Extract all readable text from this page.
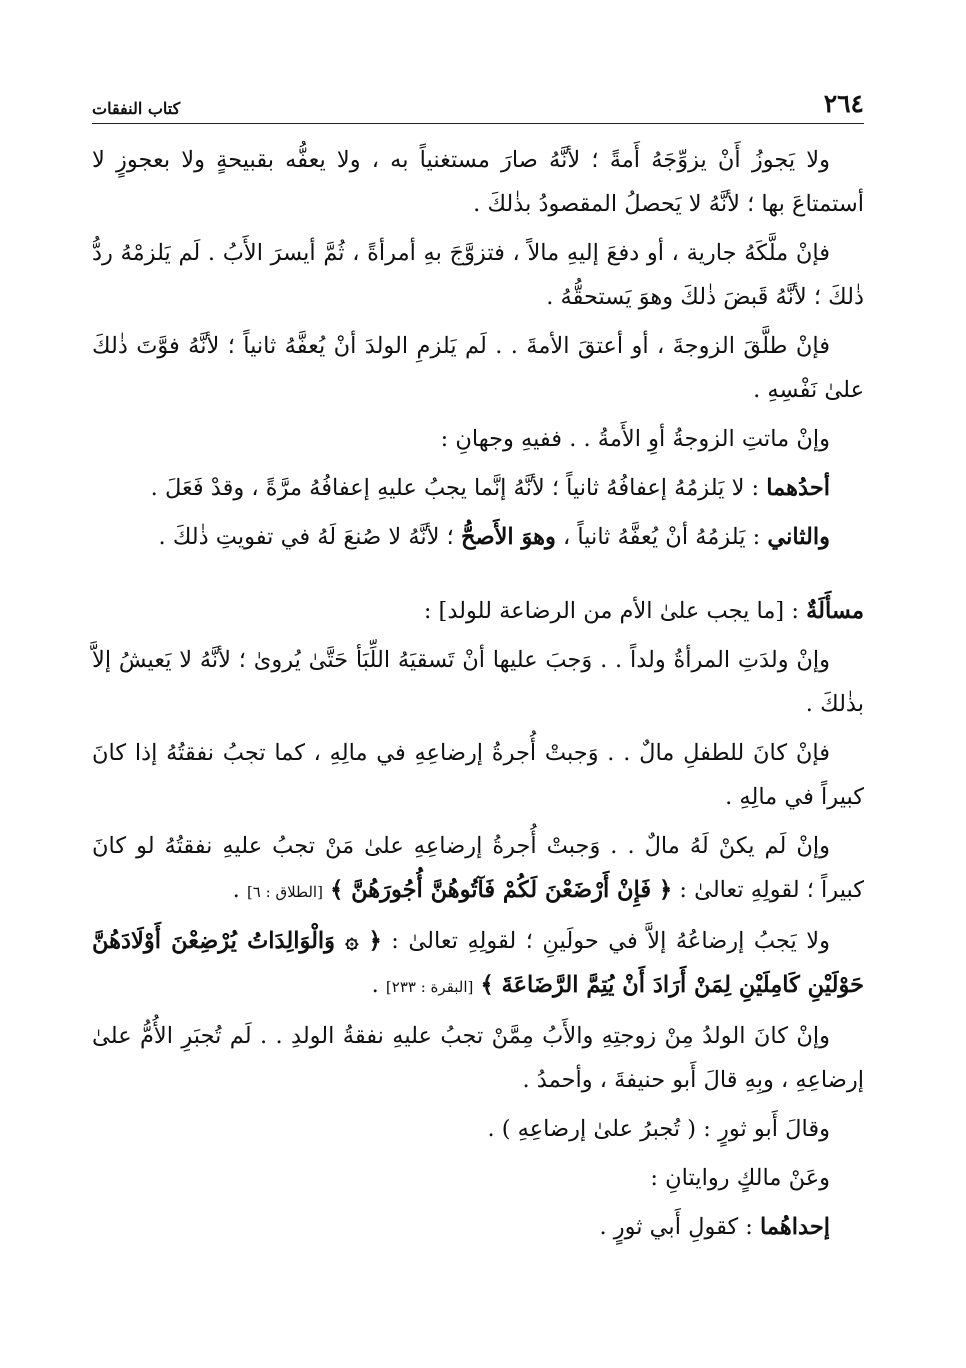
٢٦٤
كتاب النفقات

ولا يَجوزُ أَنْ يزوِّجَهُ أَمةً ؛ لأنَّهُ صارَ مستغنياً به ، ولا يعفُّه بقبيحةٍ ولا بعجوزٍ لا أستمتاعَ بها ؛ لأنَّهُ لا يَحصلُ المقصودُ بذٰلكَ .

فإنْ ملَّكَهُ جارية ، أو دفعَ إليهِ مالاً ، فتزوَّجَ بهِ أمرأةً ، ثُمَّ أيسرَ الأَبُ . لَم يَلزمْهُ ردُّ ذٰلكَ ؛ لأنَّهُ قَبضَ ذٰلكَ وهوَ يَستحقُّهُ .

فإنْ طلَّقَ الزوجةَ ، أو أعتقَ الأمةَ . . لَم يَلزمِ الولدَ أنْ يُعفَّهُ ثانياً ؛ لأنَّهُ فوَّتَ ذٰلكَ علىٰ نَفْسِهِ .

وإنْ ماتتِ الزوجةُ أوِ الأَمةُ . . ففيهِ وجهانِ :

أحدُهما : لا يَلزمُهُ إعفافُهُ ثانياً ؛ لأنَّهُ إنَّما يجبُ عليهِ إعفافُهُ مرَّةً ، وقدْ فَعَلَ .

والثاني : يَلزمُهُ أنْ يُعفَّهُ ثانياً ، وهوَ الأَصحُّ ؛ لأنَّهُ لا صُنعَ لَهُ في تفويتِ ذٰلكَ .

مسأَلَةٌ : [ما يجب علىٰ الأم من الرضاعة للولد] :

وإنْ ولدَتِ المرأةُ ولداً . . وَجبَ عليها أنْ تَسقيَهُ اللِّبَأ حَتَّىٰ يُروىٰ ؛ لأنَّهُ لا يَعيشُ إلاَّ بذٰلكَ .

فإنْ كانَ للطفلِ مالٌ . . وَجبتْ أُجرةُ إرضاعِهِ في مالِهِ ، كما تجبُ نفقتُهُ إذا كانَ كبيراً في مالِهِ .

وإنْ لَم يكنْ لَهُ مالٌ . . وَجبتْ أُجرةُ إرضاعِهِ علىٰ مَنْ تجبُ عليهِ نفقتُهُ لو كانَ كبيراً ؛ لقولِهِ تعالىٰ : ﴿ فَإِنْ أَرْضَعْنَ لَكُمْ فَآتُوهُنَّ أُجُورَهُنَّ ﴾ [الطلاق : ٦] .

ولا يَجبُ إرضاعُهُ إلاَّ في حولَينِ ؛ لقولِهِ تعالىٰ : ﴿ ۞ وَالْوَالِدَاتُ يُرْضِعْنَ أَوْلَادَهُنَّ حَوْلَيْنِ كَامِلَيْنِ لِمَنْ أَرَادَ أَنْ يُتِمَّ الرَّضَاعَةَ ﴾ [البقرة : ٢٣٣] .

وإنْ كانَ الولدُ مِنْ زوجتِهِ والأَبُ مِمَّنْ تجبُ عليهِ نفقةُ الولدِ . . لَم تُجبَرِ الأُمُّ علىٰ إرضاعِهِ ، وبِهِ قالَ أَبو حنيفةَ ، وأحمدُ .

وقالَ أَبو ثورٍ : ( تُجبرُ علىٰ إرضاعِهِ ) .

وعَنْ مالكٍ روايتانِ :

إحداهُما : كقولِ أَبي ثورٍ .
